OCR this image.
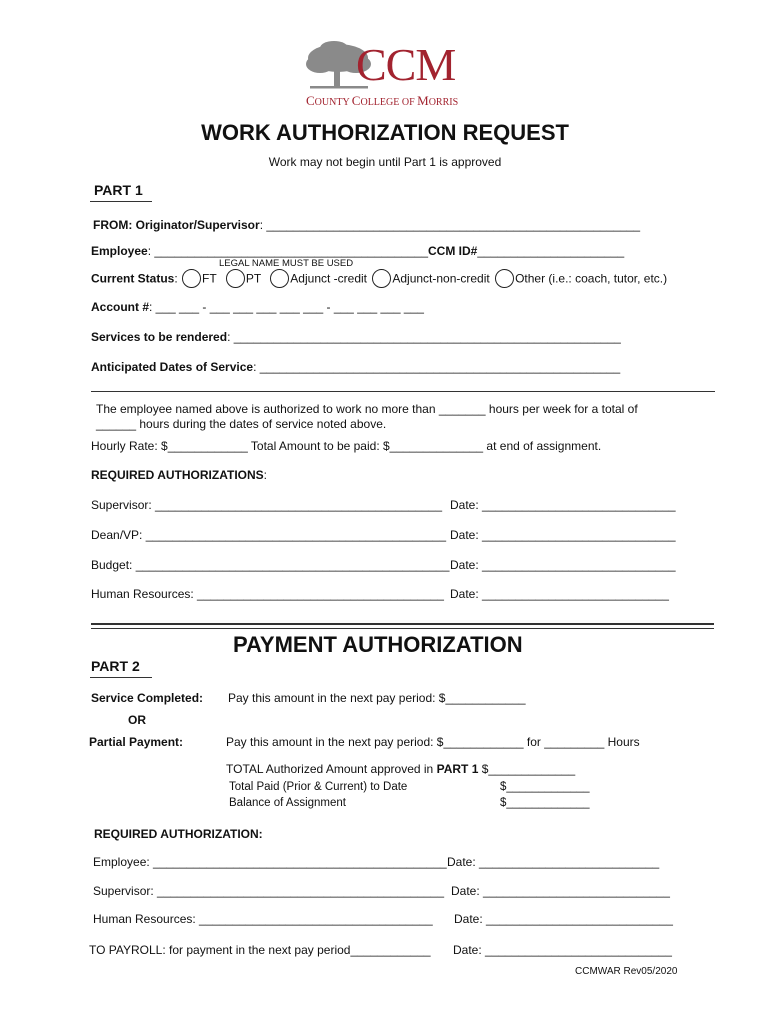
CCM
COUNTY COLLEGE OF MORRIS
WORK AUTHORIZATION REQUEST
Work may not begin until Part 1 is approved
PART 1
FROM: Originator/Supervisor: ________________________________________________________
Employee: _________________________________________CCM ID#______________________
LEGAL NAME MUST BE USED
Current Status: FT PT Adjunct -credit Adjunct-non-credit Other (i.e.: coach, tutor, etc.)
Account #: ___ ___ - ___ ___ ___ ___ ___ - ___ ___ ___ ___
Services to be rendered: __________________________________________________________
Anticipated Dates of Service: ______________________________________________________
The employee named above is authorized to work no more than _______ hours per week for a total of
______ hours during the dates of service noted above.
Hourly Rate: $____________ Total Amount to be paid: $______________ at end of assignment.
REQUIRED AUTHORIZATIONS:
Supervisor: ___________________________________________ Date: _____________________________
Dean/VP: _____________________________________________ Date: _____________________________
Budget: _______________________________________________ Date: _____________________________
Human Resources: _____________________________________ Date: ____________________________
PAYMENT AUTHORIZATION
PART 2
Service Completed: Pay this amount in the next pay period: $____________
OR
Partial Payment:	Pay this amount in the next pay period: $____________ for _________ Hours
TOTAL Authorized Amount approved in PART 1 $_____________
Total Paid (Prior & Current) to Date	$_____________
Balance of Assignment	$_____________
REQUIRED AUTHORIZATION:
Employee: ____________________________________________ Date: ___________________________
Supervisor: ___________________________________________ Date: ____________________________
Human Resources: ___________________________________ Date: ____________________________
TO PAYROLL: for payment in the next pay period____________ Date: ____________________________
CCMWAR Rev05/2020
